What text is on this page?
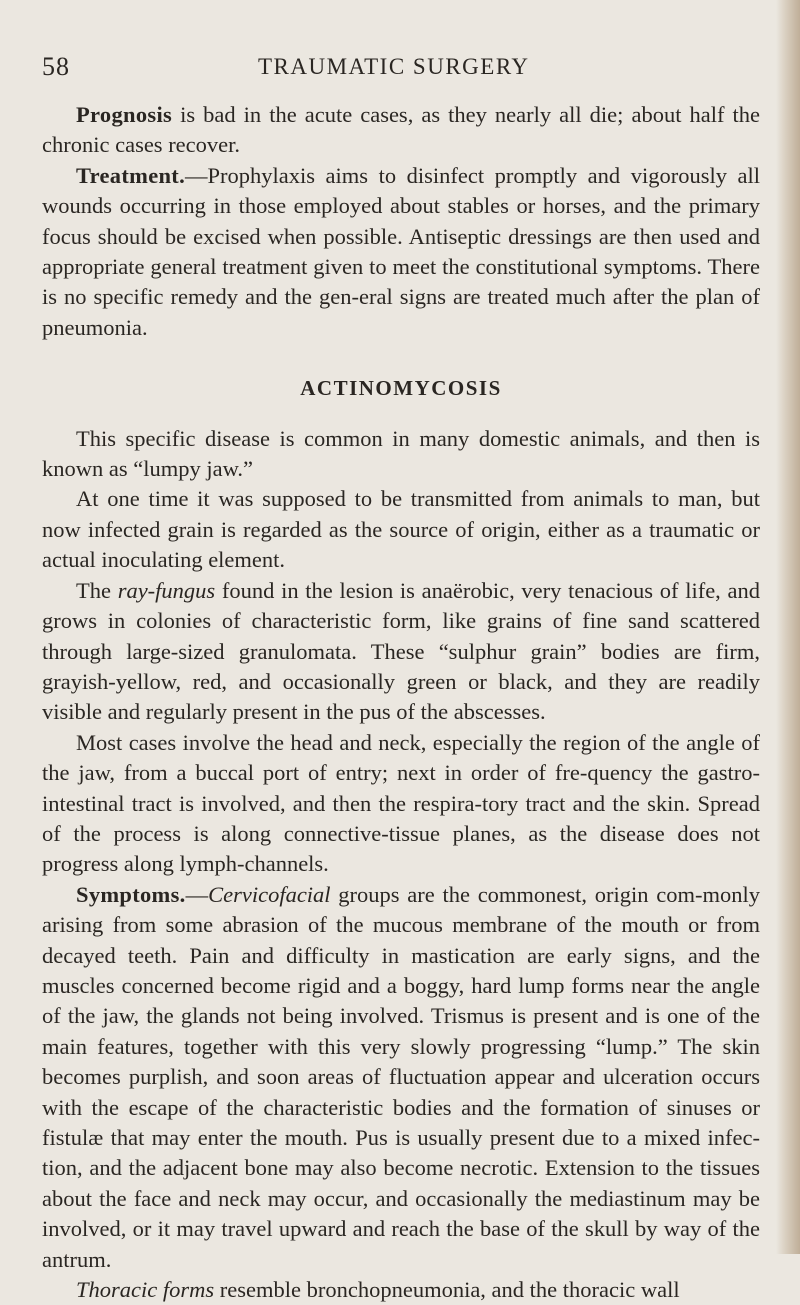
58	TRAUMATIC SURGERY

Prognosis is bad in the acute cases, as they nearly all die; about half the chronic cases recover.

Treatment.—Prophylaxis aims to disinfect promptly and vigorously all wounds occurring in those employed about stables or horses, and the primary focus should be excised when possible. Antiseptic dressings are then used and appropriate general treatment given to meet the constitutional symptoms. There is no specific remedy and the gen-eral signs are treated much after the plan of pneumonia.

ACTINOMYCOSIS

This specific disease is common in many domestic animals, and then is known as “lumpy jaw.”

At one time it was supposed to be transmitted from animals to man, but now infected grain is regarded as the source of origin, either as a traumatic or actual inoculating element.

The ray-fungus found in the lesion is anaërobic, very tenacious of life, and grows in colonies of characteristic form, like grains of fine sand scattered through large-sized granulomata. These “sulphur grain” bodies are firm, grayish-yellow, red, and occasionally green or black, and they are readily visible and regularly present in the pus of the abscesses.

Most cases involve the head and neck, especially the region of the angle of the jaw, from a buccal port of entry; next in order of fre-quency the gastro-intestinal tract is involved, and then the respira-tory tract and the skin. Spread of the process is along connective-tissue planes, as the disease does not progress along lymph-channels.

Symptoms.—Cervicofacial groups are the commonest, origin com-monly arising from some abrasion of the mucous membrane of the mouth or from decayed teeth. Pain and difficulty in mastication are early signs, and the muscles concerned become rigid and a boggy, hard lump forms near the angle of the jaw, the glands not being involved. Trismus is present and is one of the main features, together with this very slowly progressing “lump.” The skin becomes purplish, and soon areas of fluctuation appear and ulceration occurs with the escape of the characteristic bodies and the formation of sinuses or fistulæ that may enter the mouth. Pus is usually present due to a mixed infec-tion, and the adjacent bone may also become necrotic. Extension to the tissues about the face and neck may occur, and occasionally the mediastinum may be involved, or it may travel upward and reach the base of the skull by way of the antrum.

Thoracic forms resemble bronchopneumonia, and the thoracic wall
